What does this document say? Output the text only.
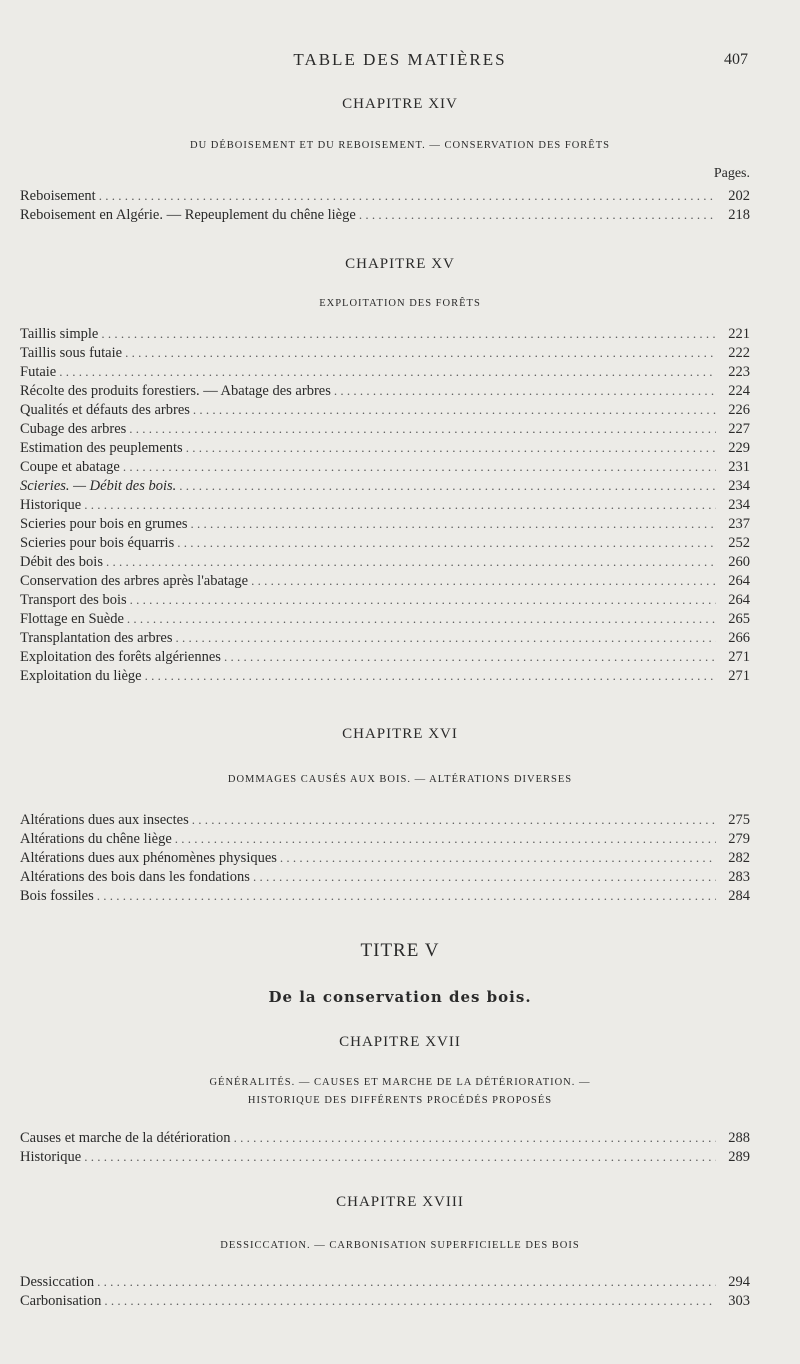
TABLE DES MATIÈRES	407
CHAPITRE XIV
DU DÉBOISEMENT ET DU REBOISEMENT. — CONSERVATION DES FORÊTS
Pages.
Reboisement . . .	202
Reboisement en Algérie. — Repeuplement du chêne liège . . .	218
CHAPITRE XV
EXPLOITATION DES FORÊTS
Taillis simple . . .	221
Taillis sous futaie . . .	222
Futaie . . .	223
Récolte des produits forestiers. — Abatage des arbres . . .	224
Qualités et défauts des arbres . . .	226
Cubage des arbres . . .	227
Estimation des peuplements . . .	229
Coupe et abatage . . .	231
Scieries. — Débit des bois. . . .	234
Historique . . .	234
Scieries pour bois en grumes . . .	237
Scieries pour bois équarris . . .	252
Débit des bois . . .	260
Conservation des arbres après l'abatage . . .	264
Transport des bois . . .	264
Flottage en Suède . . .	265
Transplantation des arbres . . .	266
Exploitation des forêts algériennes . . .	271
Exploitation du liège . . .	271
CHAPITRE XVI
DOMMAGES CAUSÉS AUX BOIS. — ALTÉRATIONS DIVERSES
Altérations dues aux insectes . . .	275
Altérations du chêne liège . . .	279
Altérations dues aux phénomènes physiques . . .	282
Altérations des bois dans les fondations . . .	283
Bois fossiles . . .	284
TITRE V
De la conservation des bois.
CHAPITRE XVII
GÉNÉRALITÉS. — CAUSES ET MARCHE DE LA DÉTÉRIORATION. —
HISTORIQUE DES DIFFÉRENTS PROCÉDÉS PROPOSÉS
Causes et marche de la détérioration . . .	288
Historique . . .	289
CHAPITRE XVIII
DESSICCATION. — CARBONISATION SUPERFICIELLE DES BOIS
Dessiccation . . .	294
Carbonisation . . .	303
